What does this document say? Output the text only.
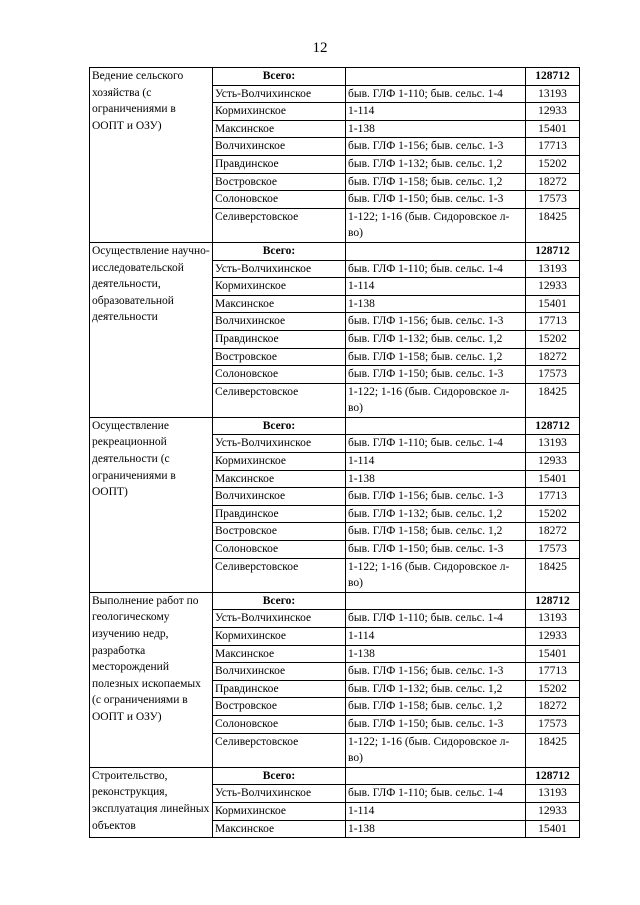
12
Ведение сельского хозяйства (с ограничениями в ООПТ и ОЗУ)	Всего:		128712
	Усть-Волчихинское	быв. ГЛФ 1-110; быв. сельс. 1-4	13193
	Кормихинское	1-114	12933
	Максинское	1-138	15401
	Волчихинское	быв. ГЛФ 1-156; быв. сельс. 1-3	17713
	Правдинское	быв. ГЛФ 1-132; быв. сельс. 1,2	15202
	Востровское	быв. ГЛФ 1-158; быв. сельс. 1,2	18272
	Солоновское	быв. ГЛФ 1-150; быв. сельс. 1-3	17573
	Селиверстовское	1-122; 1-16 (быв. Сидоровское л-во)	18425
Осуществление научно-исследовательской деятельности, образовательной деятельности	Всего:		128712
	Усть-Волчихинское	быв. ГЛФ 1-110; быв. сельс. 1-4	13193
	Кормихинское	1-114	12933
	Максинское	1-138	15401
	Волчихинское	быв. ГЛФ 1-156; быв. сельс. 1-3	17713
	Правдинское	быв. ГЛФ 1-132; быв. сельс. 1,2	15202
	Востровское	быв. ГЛФ 1-158; быв. сельс. 1,2	18272
	Солоновское	быв. ГЛФ 1-150; быв. сельс. 1-3	17573
	Селиверстовское	1-122; 1-16 (быв. Сидоровское л-во)	18425
Осуществление рекреационной деятельности (с ограничениями в ООПТ)	Всего:		128712
	Усть-Волчихинское	быв. ГЛФ 1-110; быв. сельс. 1-4	13193
	Кормихинское	1-114	12933
	Максинское	1-138	15401
	Волчихинское	быв. ГЛФ 1-156; быв. сельс. 1-3	17713
	Правдинское	быв. ГЛФ 1-132; быв. сельс. 1,2	15202
	Востровское	быв. ГЛФ 1-158; быв. сельс. 1,2	18272
	Солоновское	быв. ГЛФ 1-150; быв. сельс. 1-3	17573
	Селиверстовское	1-122; 1-16 (быв. Сидоровское л-во)	18425
Выполнение работ по геологическому изучению недр, разработка месторождений полезных ископаемых (с ограничениями в ООПТ и ОЗУ)	Всего:		128712
	Усть-Волчихинское	быв. ГЛФ 1-110; быв. сельс. 1-4	13193
	Кормихинское	1-114	12933
	Максинское	1-138	15401
	Волчихинское	быв. ГЛФ 1-156; быв. сельс. 1-3	17713
	Правдинское	быв. ГЛФ 1-132; быв. сельс. 1,2	15202
	Востровское	быв. ГЛФ 1-158; быв. сельс. 1,2	18272
	Солоновское	быв. ГЛФ 1-150; быв. сельс. 1-3	17573
	Селиверстовское	1-122; 1-16 (быв. Сидоровское л-во)	18425
Строительство, реконструкция, эксплуатация линейных объектов	Всего:		128712
	Усть-Волчихинское	быв. ГЛФ 1-110; быв. сельс. 1-4	13193
	Кормихинское	1-114	12933
	Максинское	1-138	15401
